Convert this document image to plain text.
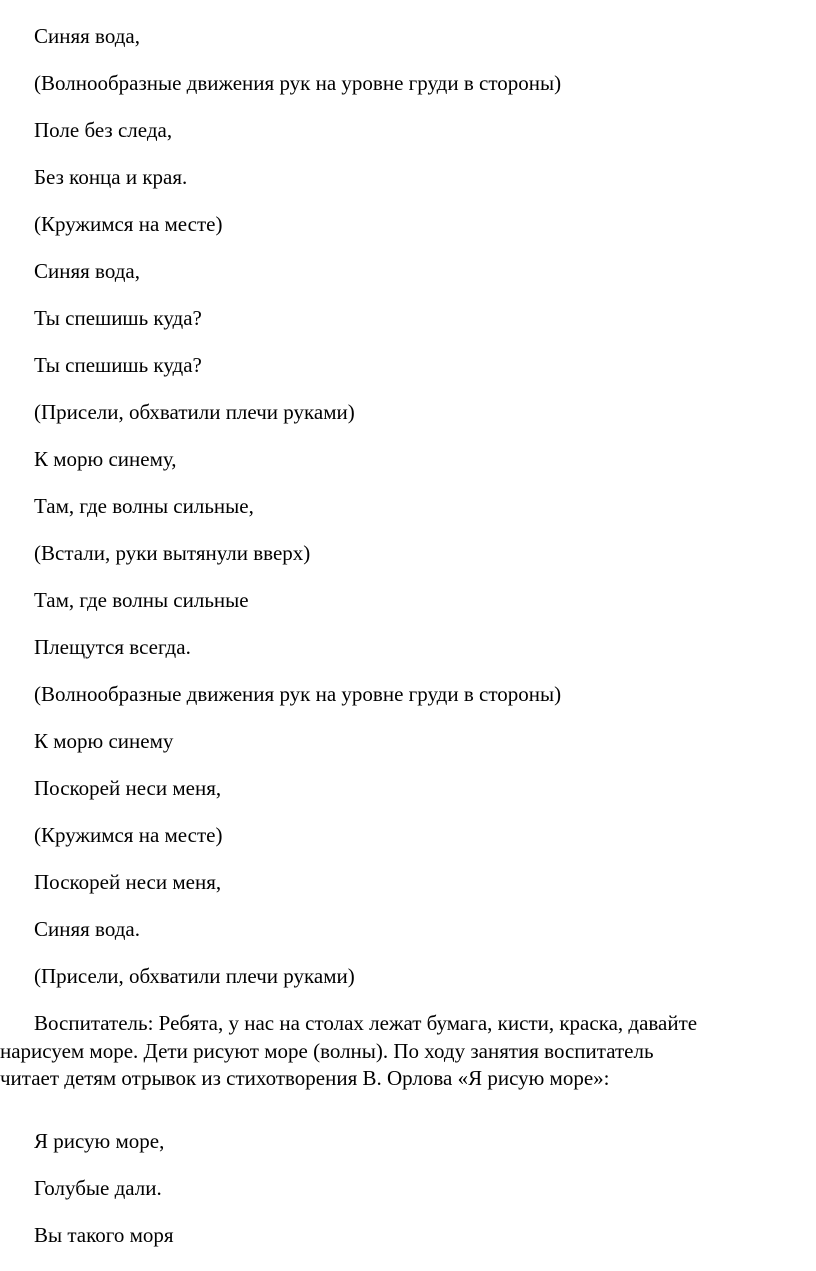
Синяя вода,

(Волнообразные движения рук на уровне груди в стороны)

Поле без следа,

Без конца и края.

(Кружимся на месте)

Синяя вода,

Ты спешишь куда?

Ты спешишь куда?

(Присели, обхватили плечи руками)

К морю синему,

Там, где волны сильные,

(Встали, руки вытянули вверх)

Там, где волны сильные

Плещутся всегда.

(Волнообразные движения рук на уровне груди в стороны)

К морю синему

Поскорей неси меня,

(Кружимся на месте)

Поскорей неси меня,

Синяя вода.

(Присели, обхватили плечи руками)

Воспитатель: Ребята, у нас на столах лежат бумага, кисти, краска, давайте
нарисуем море. Дети рисуют море (волны). По ходу занятия воспитатель
читает детям отрывок из стихотворения В. Орлова «Я рисую море»:

Я рисую море,

Голубые дали.

Вы такого моря
